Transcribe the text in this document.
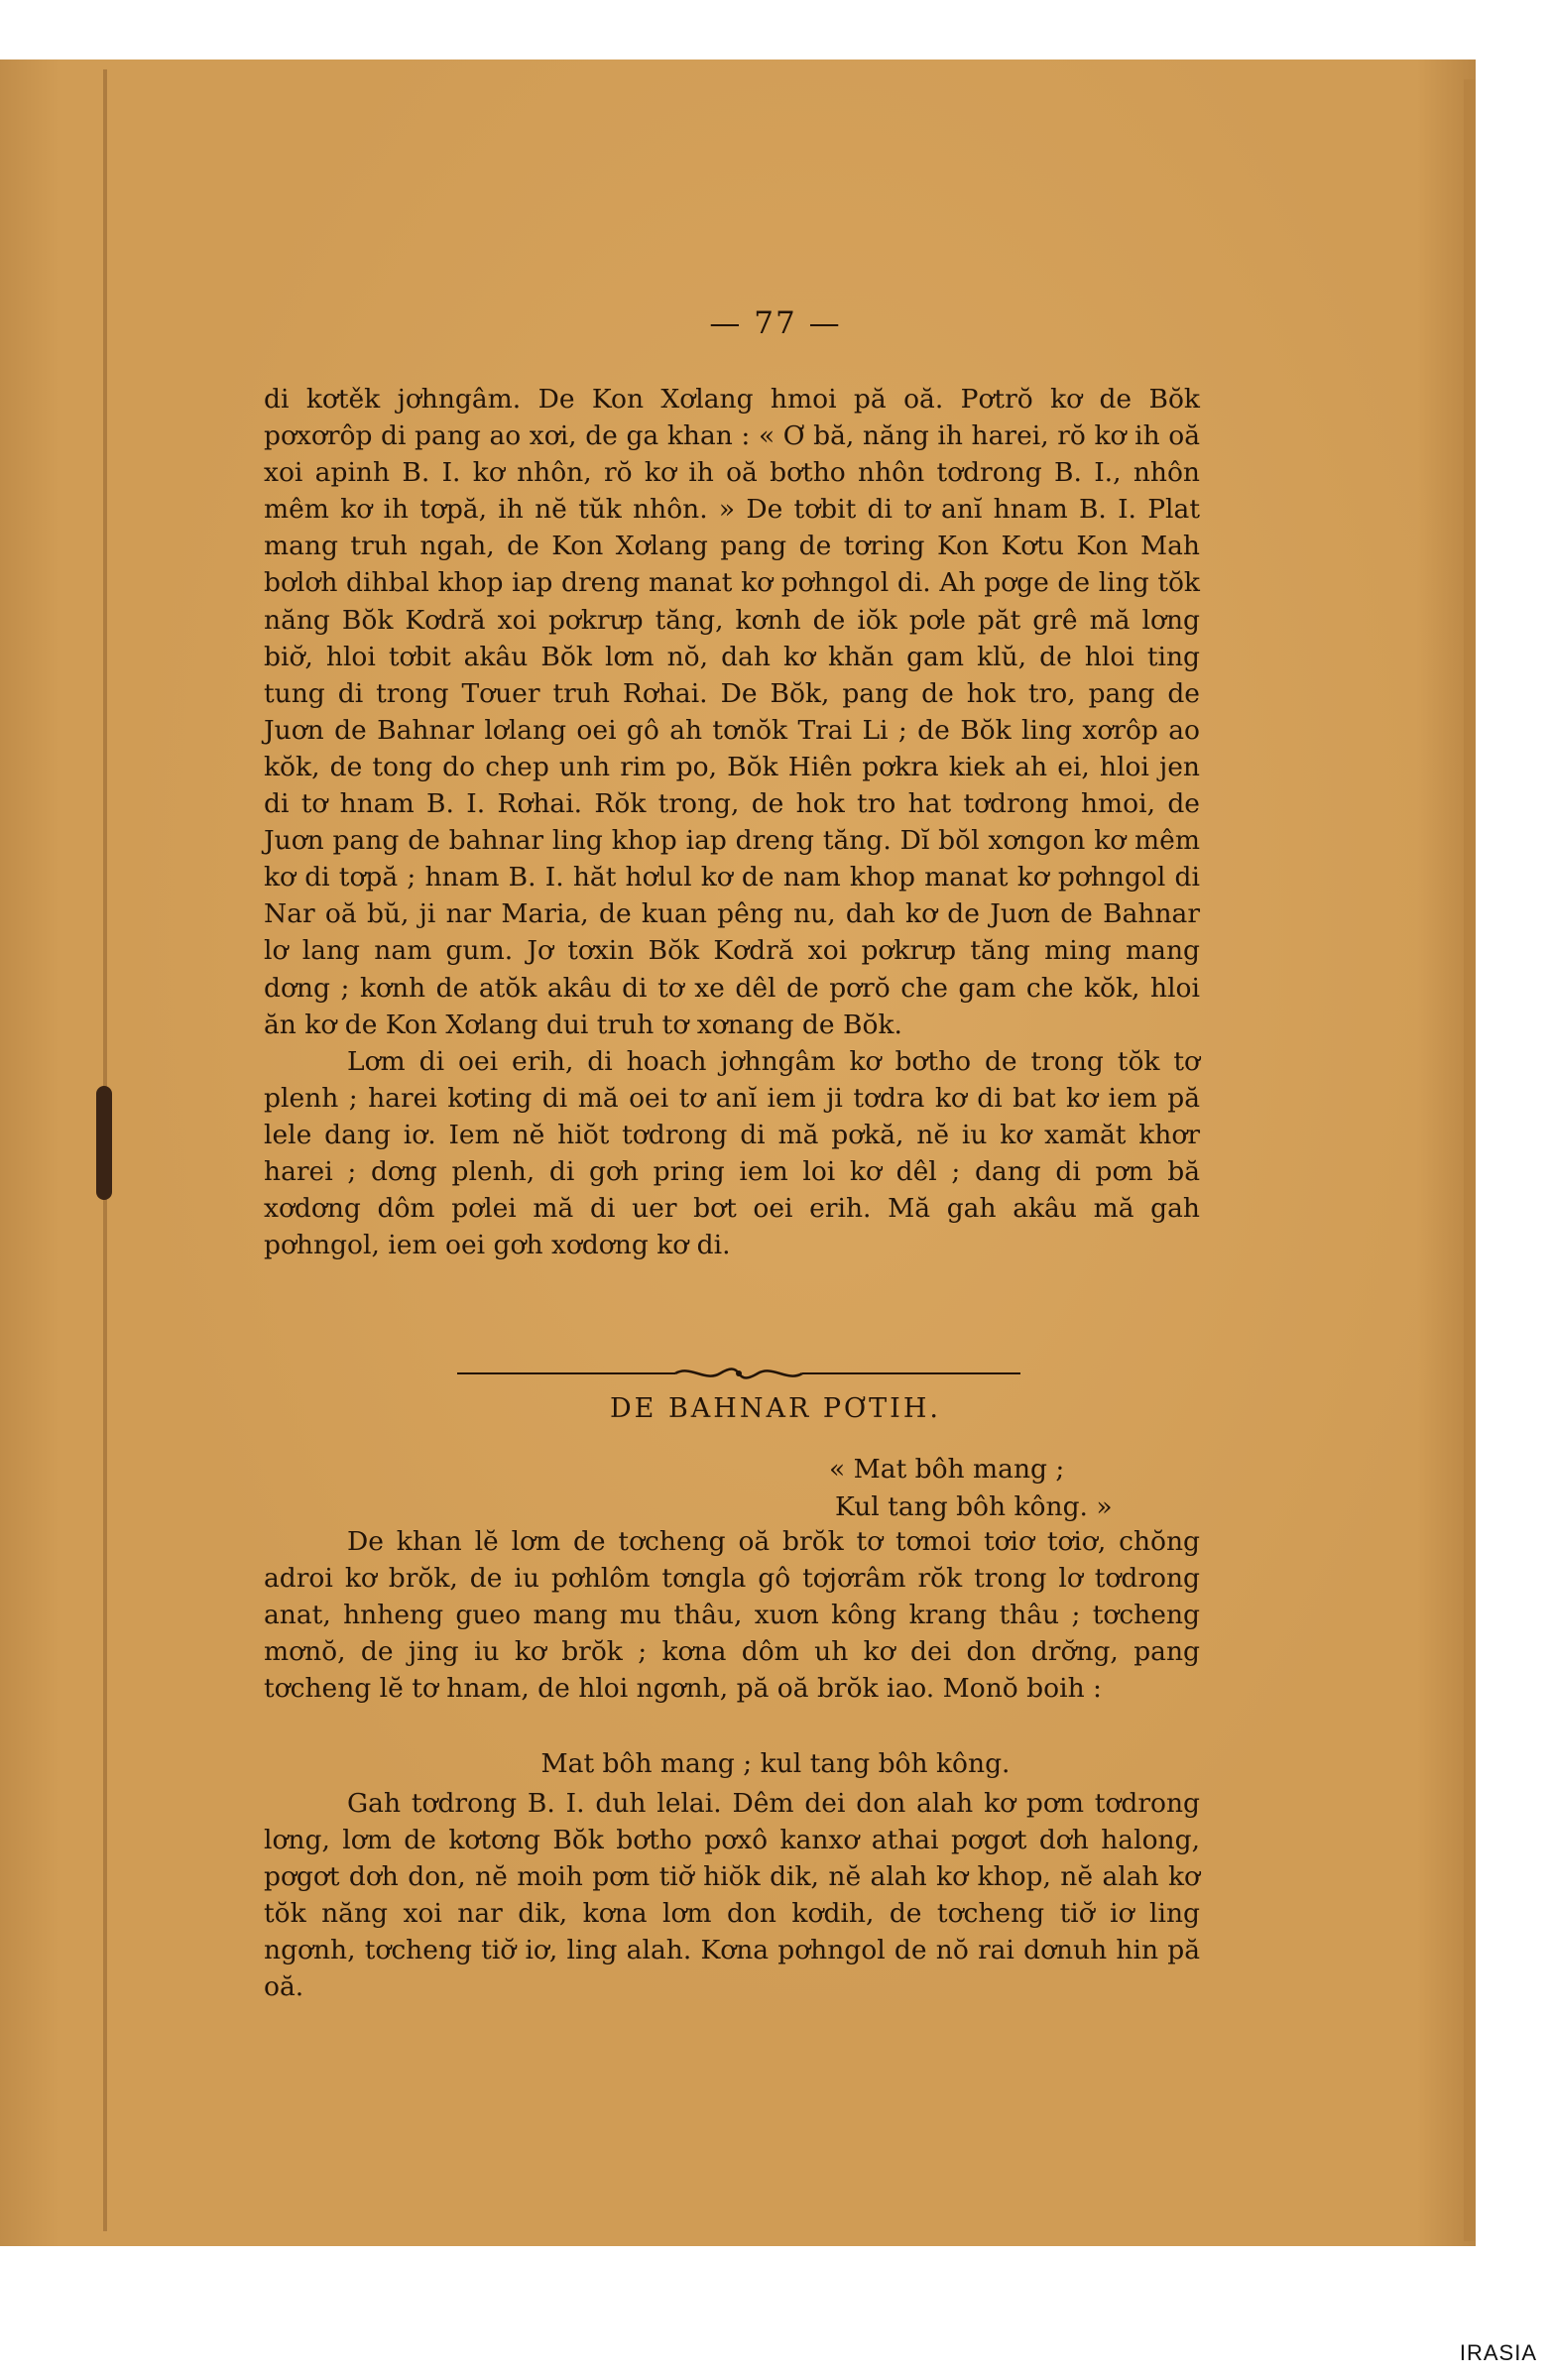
— 77 —

di kơtěk jơhngâm. De Kon Xơlang hmoi pă oă. Pơtrŏ kơ de Bŏk pơxơrôp di pang ao xơi, de ga khan : « Ơ bă, năng ih harei, rŏ kơ ih oă xoi apinh B. I. kơ nhôn, rŏ kơ ih oă bơtho nhôn tơdrong B. I., nhôn mêm kơ ih tơpă, ih nĕ tŭk nhôn. » De tơbit di tơ anĭ hnam B. I. Plat mang truh ngah, de Kon Xơlang pang de tơring Kon Kơtu Kon Mah bơlơh dihbal khop iap dreng manat kơ pơhngol di. Ah pơge de ling tŏk năng Bŏk Kơdră xoi pơkrưp tăng, kơnh de iŏk pơle păt grê mă lơng biơ̆, hloi tơbit akâu Bŏk lơm nŏ, dah kơ khăn gam klŭ, de hloi ting tung di trong Tơuer truh Rơhai. De Bŏk, pang de hok tro, pang de Juơn de Bahnar lơlang oei gô ah tơnŏk Trai Li ; de Bŏk ling xơrôp ao kŏk, de tong do chep unh rim po, Bŏk Hiên pơkra kiek ah ei, hloi jen di tơ hnam B. I. Rơhai. Rŏk trong, de hok tro hat tơdrong hmoi, de Juơn pang de bahnar ling khop iap dreng tăng. Dĭ bŏl xơngon kơ mêm kơ di tơpă ; hnam B. I. hăt hơlul kơ de nam khop manat kơ pơhngol di Nar oă bŭ, ji nar Maria, de kuan pêng nu, dah kơ de Juơn de Bahnar lơ lang nam gum. Jơ tơxin Bŏk Kơdră xoi pơkrưp tăng ming mang dơng ; kơnh de atŏk akâu di tơ xe dêl de pơrŏ che gam che kŏk, hloi ăn kơ de Kon Xơlang dui truh tơ xơnang de Bŏk.

Lơm di oei erih, di hoach jơhngâm kơ bơtho de trong tŏk tơ plenh ; harei kơting di mă oei tơ anĭ iem ji tơdra kơ di bat kơ iem pă lele dang iơ. Iem nĕ hiŏt tơdrong di mă pơkă, nĕ iu kơ xamăt khơr harei ; dơng plenh, di gơh pring iem loi kơ dêl ; dang di pơm bă xơdơng dôm pơlei mă di uer bơt oei erih. Mă gah akâu mă gah pơhngol, iem oei gơh xơdơng kơ di.

DE BAHNAR PƠTIH.
« Mat bôh mang ;
Kul tang bôh kông. »

De khan lĕ lơm de tơcheng oă brŏk tơ tơmoi tơiơ tơiơ, chŏng adroi kơ brŏk, de iu pơhlôm tơngla gô tơjơrâm rŏk trong lơ tơdrong anat, hnheng gueo mang mu thâu, xuơn kông krang thâu ; tơcheng mơnŏ, de jing iu kơ brŏk ; kơna dôm uh kơ dei don drơ̆ng, pang tơcheng lĕ tơ hnam, de hloi ngơnh, pă oă brŏk iao. Monŏ boih :

Mat bôh mang ; kul tang bôh kông.

Gah tơdrong B. I. duh lelai. Dêm dei don alah kơ pơm tơdrong lơng, lơm de kơtơng Bŏk bơtho pơxô kanxơ athai pơgơt dơh halong, pơgơt dơh don, nĕ moih pơm tiơ̆ hiŏk dik, nĕ alah kơ khop, nĕ alah kơ tŏk năng xoi nar dik, kơna lơm don kơdih, de tơcheng tiơ̆ iơ ling ngơnh, tơcheng tiơ̆ iơ, ling alah. Kơna pơhngol de nŏ rai dơnuh hin pă oă.

IRASIA
